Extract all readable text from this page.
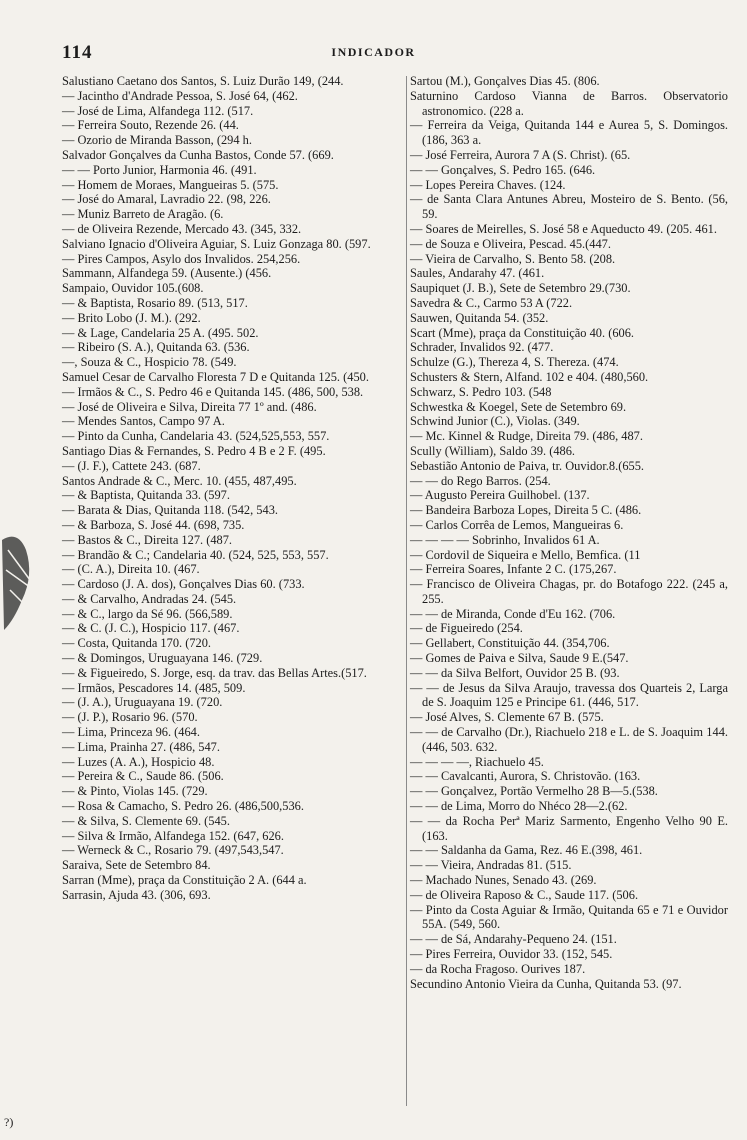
114	INDICADOR
Salustiano Caetano dos Santos, S. Luiz Durão 149, (244.
— Jacintho d'Andrade Pessoa, S. José 64, (462.
— José de Lima, Alfandega 112. (517.
— Ferreira Souto, Rezende 26. (44.
— Ozorio de Miranda Basson, (294 h.
Salvador Gonçalves da Cunha Bastos, Conde 57. (669.
— — Porto Junior, Harmonia 46. (491.
— Homem de Moraes, Mangueiras 5. (575.
— José do Amaral, Lavradio 22. (98, 226.
— Muniz Barreto de Aragão. (6.
— de Oliveira Rezende, Mercado 43. (345, 332.
Salviano Ignacio d'Oliveira Aguiar, S. Luiz Gonzaga 80. (597.
— Pires Campos, Asylo dos Invalidos. 254,256.
Sammann, Alfandega 59. (Ausente.) (456.
Sampaio, Ouvidor 105.(608.
— & Baptista, Rosario 89. (513, 517.
— Brito Lobo (J. M.). (292.
— & Lage, Candelaria 25 A. (495. 502.
— Ribeiro (S. A.), Quitanda 63. (536.
—, Souza & C., Hospicio 78. (549.
Samuel Cesar de Carvalho Floresta 7 D e Quitanda 125. (450.
— Irmãos & C., S. Pedro 46 e Quitanda 145. (486, 500, 538.
— José de Oliveira e Silva, Direita 77 1º and. (486.
— Mendes Santos, Campo 97 A.
— Pinto da Cunha, Candelaria 43. (524,525,553, 557.
Santiago Dias & Fernandes, S. Pedro 4 B e 2 F. (495.
— (J. F.), Cattete 243. (687.
Santos Andrade & C., Merc. 10. (455, 487,495.
— & Baptista, Quitanda 33. (597.
— Barata & Dias, Quitanda 118. (542, 543.
— & Barboza, S. José 44. (698, 735.
— Bastos & C., Direita 127. (487.
— Brandão & C.; Candelaria 40. (524, 525, 553, 557.
— (C. A.), Direita 10. (467.
— Cardoso (J. A. dos), Gonçalves Dias 60. (733.
— & Carvalho, Andradas 24. (545.
— & C., largo da Sé 96. (566,589.
— & C. (J. C.), Hospicio 117. (467.
— Costa, Quitanda 170. (720.
— & Domingos, Uruguayana 146. (729.
— & Figueiredo, S. Jorge, esq. da trav. das Bellas Artes.(517.
— Irmãos, Pescadores 14. (485, 509.
— (J. A.), Uruguayana 19. (720.
— (J. P.), Rosario 96. (570.
— Lima, Princeza 96. (464.
— Lima, Prainha 27. (486, 547.
— Luzes (A. A.), Hospicio 48.
— Pereira & C., Saude 86. (506.
— & Pinto, Violas 145. (729.
— Rosa & Camacho, S. Pedro 26. (486,500,536.
— & Silva, S. Clemente 69. (545.
— Silva & Irmão, Alfandega 152. (647, 626.
— Werneck & C., Rosario 79. (497,543,547.
Saraiva, Sete de Setembro 84.
Sarran (Mme), praça da Constituição 2 A. (644 a.
Sarrasin, Ajuda 43. (306, 693.
Sartou (M.), Gonçalves Dias 45. (806.
Saturnino Cardoso Vianna de Barros. Observatorio astronomico. (228 a.
— Ferreira da Veiga, Quitanda 144 e Aurea 5, S. Domingos. (186, 363 a.
— José Ferreira, Aurora 7 A (S. Christ). (65.
— — Gonçalves, S. Pedro 165. (646.
— Lopes Pereira Chaves. (124.
— de Santa Clara Antunes Abreu, Mosteiro de S. Bento. (56, 59.
— Soares de Meirelles, S. José 58 e Aqueducto 49. (205. 461.
— de Souza e Oliveira, Pescad. 45.(447.
— Vieira de Carvalho, S. Bento 58. (208.
Saules, Andarahy 47. (461.
Saupiquet (J. B.), Sete de Setembro 29.(730.
Savedra & C., Carmo 53 A (722.
Sauwen, Quitanda 54. (352.
Scart (Mme), praça da Constituição 40. (606.
Schrader, Invalidos 92. (477.
Schulze (G.), Thereza 4, S. Thereza. (474.
Schusters & Stern, Alfand. 102 e 404. (480,560.
Schwarz, S. Pedro 103. (548
Schwestka & Koegel, Sete de Setembro 69.
Schwind Junior (C.), Violas. (349.
— Mc. Kinnel & Rudge, Direita 79. (486, 487.
Scully (William), Saldo 39. (486.
Sebastião Antonio de Paiva, tr. Ouvidor.8.(655.
— — do Rego Barros. (254.
— Augusto Pereira Guilhobel. (137.
— Bandeira Barboza Lopes, Direita 5 C. (486.
— Carlos Corrêa de Lemos, Mangueiras 6.
— — — — Sobrinho, Invalidos 61 A.
— Cordovil de Siqueira e Mello, Bemfica. (11
— Ferreira Soares, Infante 2 C. (175,267.
— Francisco de Oliveira Chagas, pr. do Botafogo 222. (245 a, 255.
— — de Miranda, Conde d'Eu 162. (706.
— de Figueiredo (254.
— Gellabert, Constituição 44. (354,706.
— Gomes de Paiva e Silva, Saude 9 E.(547.
— — da Silva Belfort, Ouvidor 25 B. (93.
— — de Jesus da Silva Araujo, travessa dos Quarteis 2, Larga de S. Joaquim 125 e Principe 61. (446, 517.
— José Alves, S. Clemente 67 B. (575.
— — de Carvalho (Dr.), Riachuelo 218 e L. de S. Joaquim 144. (446, 503. 632.
— — — —, Riachuelo 45.
— — Cavalcanti, Aurora, S. Christovão. (163.
— — Gonçalvez, Portão Vermelho 28 B—5.(538.
— — de Lima, Morro do Nhéco 28—2.(62.
— — da Rocha Perª Mariz Sarmento, Engenho Velho 90 E. (163.
— — Saldanha da Gama, Rez. 46 E.(398, 461.
— — Vieira, Andradas 81. (515.
— Machado Nunes, Senado 43. (269.
— de Oliveira Raposo & C., Saude 117. (506.
— Pinto da Costa Aguiar & Irmão, Quitanda 65 e 71 e Ouvidor 55A. (549, 560.
— — de Sá, Andarahy-Pequeno 24. (151.
— Pires Ferreira, Ouvidor 33. (152, 545.
— da Rocha Fragoso. Ourives 187.
Secundino Antonio Vieira da Cunha, Quitanda 53. (97.
?)
